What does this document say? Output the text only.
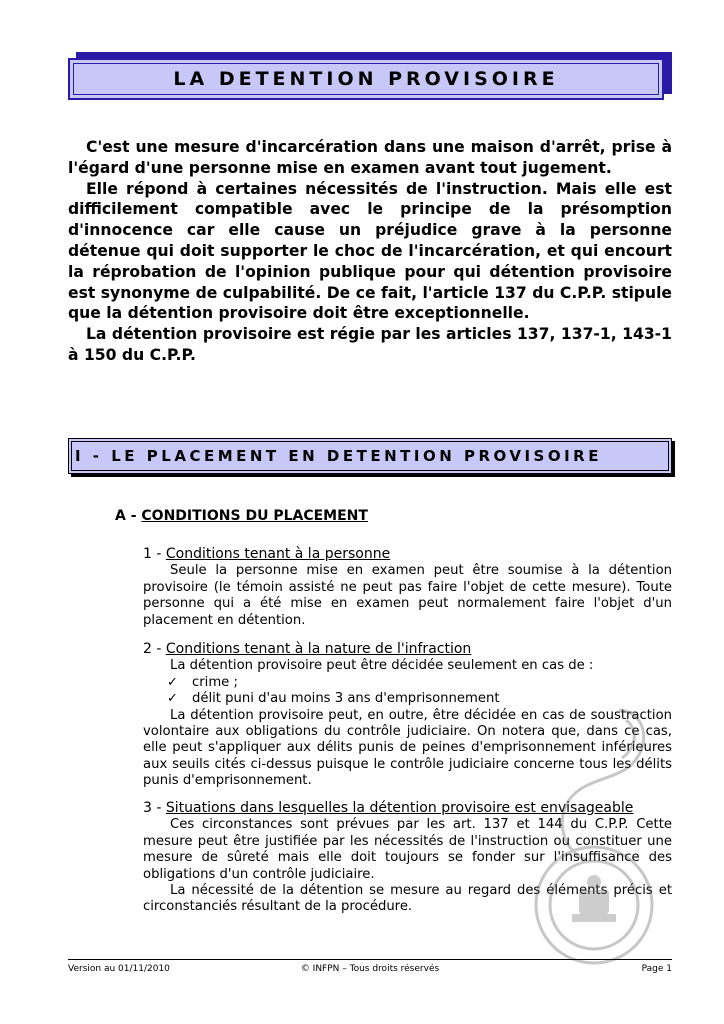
LA DETENTION PROVISOIRE

C'est une mesure d'incarcération dans une maison d'arrêt, prise à l'égard d'une personne mise en examen avant tout jugement.

Elle répond à certaines nécessités de l'instruction. Mais elle est difficilement compatible avec le principe de la présomption d'innocence car elle cause un préjudice grave à la personne détenue qui doit supporter le choc de l'incarcération, et qui encourt la réprobation de l'opinion publique pour qui détention provisoire est synonyme de culpabilité. De ce fait, l'article 137 du C.P.P. stipule que la détention provisoire doit être exceptionnelle.

La détention provisoire est régie par les articles 137, 137-1, 143-1 à 150 du C.P.P.

I - LE PLACEMENT EN DETENTION PROVISOIRE
A - CONDITIONS DU PLACEMENT
1 - Conditions tenant à la personne

Seule la personne mise en examen peut être soumise à la détention provisoire (le témoin assisté ne peut pas faire l'objet de cette mesure). Toute personne qui a été mise en examen peut normalement faire l'objet d'un placement en détention.

2 - Conditions tenant à la nature de l'infraction

La détention provisoire peut être décidée seulement en cas de :

✓ crime ;
✓ délit puni d'au moins 3 ans d'emprisonnement

La détention provisoire peut, en outre, être décidée en cas de soustraction volontaire aux obligations du contrôle judiciaire. On notera que, dans ce cas, elle peut s'appliquer aux délits punis de peines d'emprisonnement inférieures aux seuils cités ci-dessus puisque le contrôle judiciaire concerne tous les délits punis d'emprisonnement.

3 - Situations dans lesquelles la détention provisoire est envisageable

Ces circonstances sont prévues par les art. 137 et 144 du C.P.P. Cette mesure peut être justifiée par les nécessités de l'instruction ou constituer une mesure de sûreté mais elle doit toujours se fonder sur l'insuffisance des obligations d'un contrôle judiciaire.

La nécessité de la détention se mesure au regard des éléments précis et circonstanciés résultant de la procédure.

Version au 01/11/2010	© INFPN – Tous droits réservés	Page 1
